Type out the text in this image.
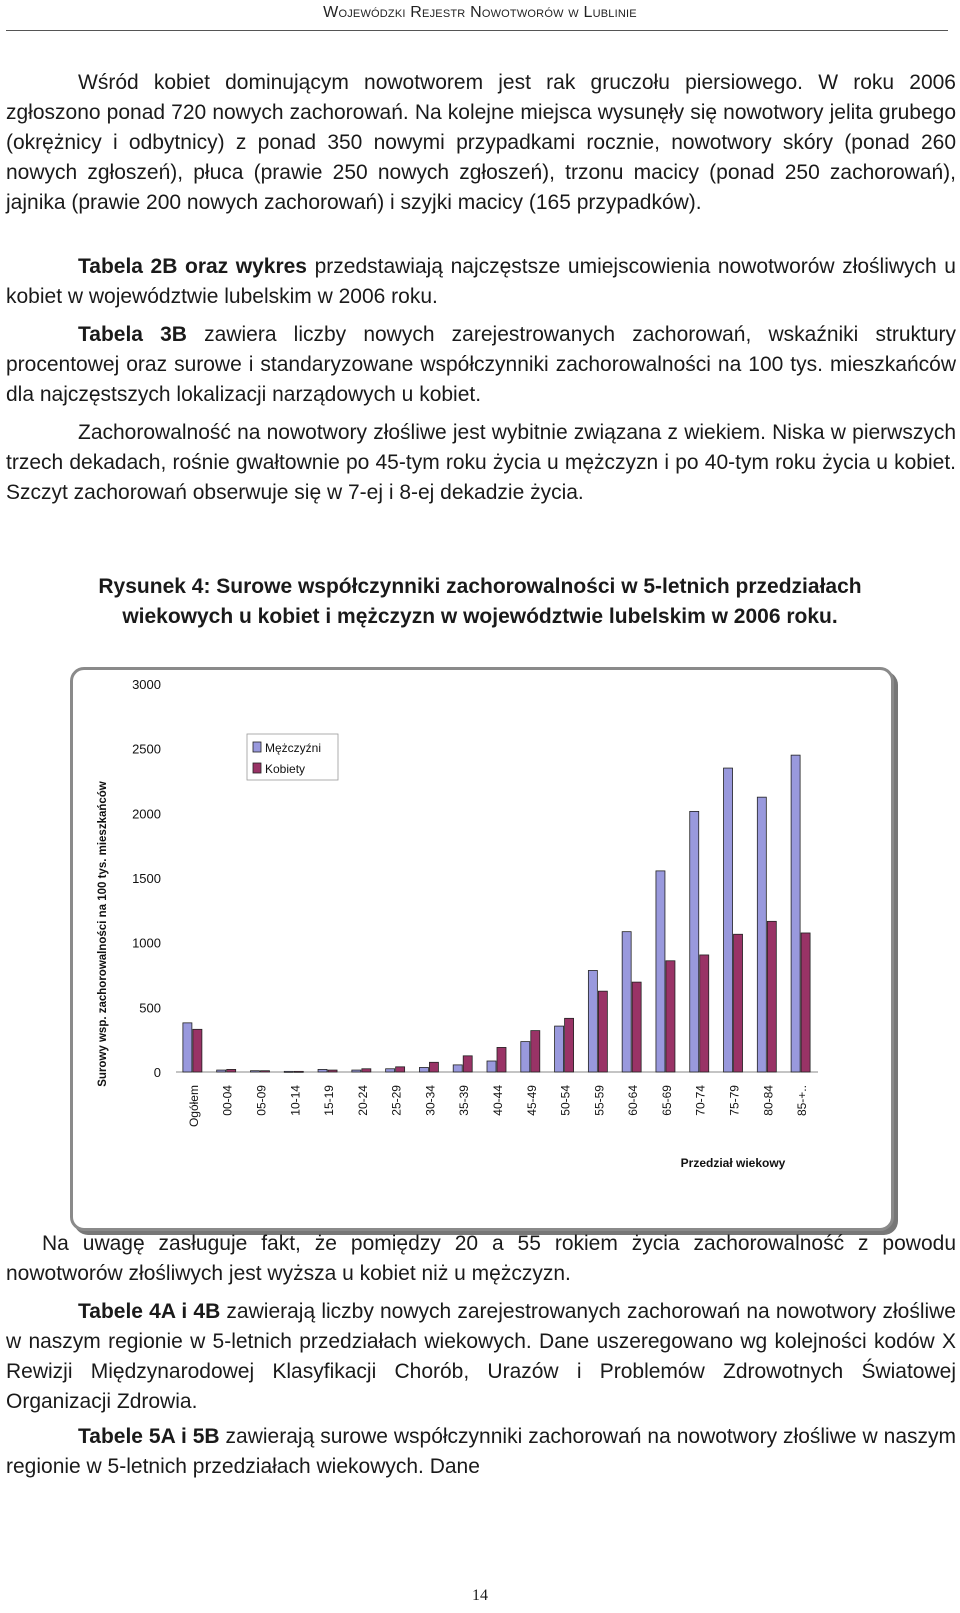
Wojewódzki Rejestr Nowotworów w Lublinie

Wśród kobiet dominującym nowotworem jest rak gruczołu piersiowego. W roku 2006 zgłoszono ponad 720 nowych zachorowań. Na kolejne miejsca wysunęły się nowotwory jelita grubego (okrężnicy i odbytnicy) z ponad 350 nowymi przypadkami rocznie, nowotwory skóry (ponad 260 nowych zgłoszeń), płuca (prawie 250 nowych zgłoszeń), trzonu macicy (ponad 250 zachorowań), jajnika (prawie 200 nowych zachorowań) i szyjki macicy (165 przypadków).

Tabela 2B oraz wykres przedstawiają najczęstsze umiejscowienia nowotworów złośliwych u kobiet w województwie lubelskim w 2006 roku.

Tabela 3B zawiera liczby nowych zarejestrowanych zachorowań, wskaźniki struktury procentowej oraz surowe i standaryzowane współczynniki zachorowalności na 100 tys. mieszkańców dla najczęstszych lokalizacji narządowych u kobiet.

Zachorowalność na nowotwory złośliwe jest wybitnie związana z wiekiem. Niska w pierwszych trzech dekadach, rośnie gwałtownie po 45-tym roku życia u mężczyzn i po 40-tym roku życia u kobiet. Szczyt zachorowań obserwuje się w 7-ej i 8-ej dekadzie życia.

Rysunek 4: Surowe współczynniki zachorowalności w 5-letnich przedziałach
wiekowych u kobiet i mężczyzn w województwie lubelskim w 2006 roku.
0
500
1000
1500
2000
2500
3000
Ogółem 00-04 05-09 10-14 15-19 20-24 25-29 30-34 35-39 40-44 45-49 50-54 55-59 60-64 65-69 70-74 75-79 80-84 85-+..
Surowy wsp. zachorowalności na 100 tys. mieszkańców
Przedział wiekowy
Mężczyźni
Kobiety

Na uwagę zasługuje fakt, że pomiędzy 20 a 55 rokiem życia zachorowalność z powodu nowotworów złośliwych jest wyższa u kobiet niż u mężczyzn.

Tabele 4A i 4B zawierają liczby nowych zarejestrowanych zachorowań na nowotwory złośliwe w naszym regionie w 5-letnich przedziałach wiekowych. Dane uszeregowano wg kolejności kodów X Rewizji Międzynarodowej Klasyfikacji Chorób, Urazów i Problemów Zdrowotnych Światowej Organizacji Zdrowia.

Tabele 5A i 5B zawierają surowe współczynniki zachorowań na nowotwory złośliwe w naszym regionie w 5-letnich przedziałach wiekowych. Dane

14
